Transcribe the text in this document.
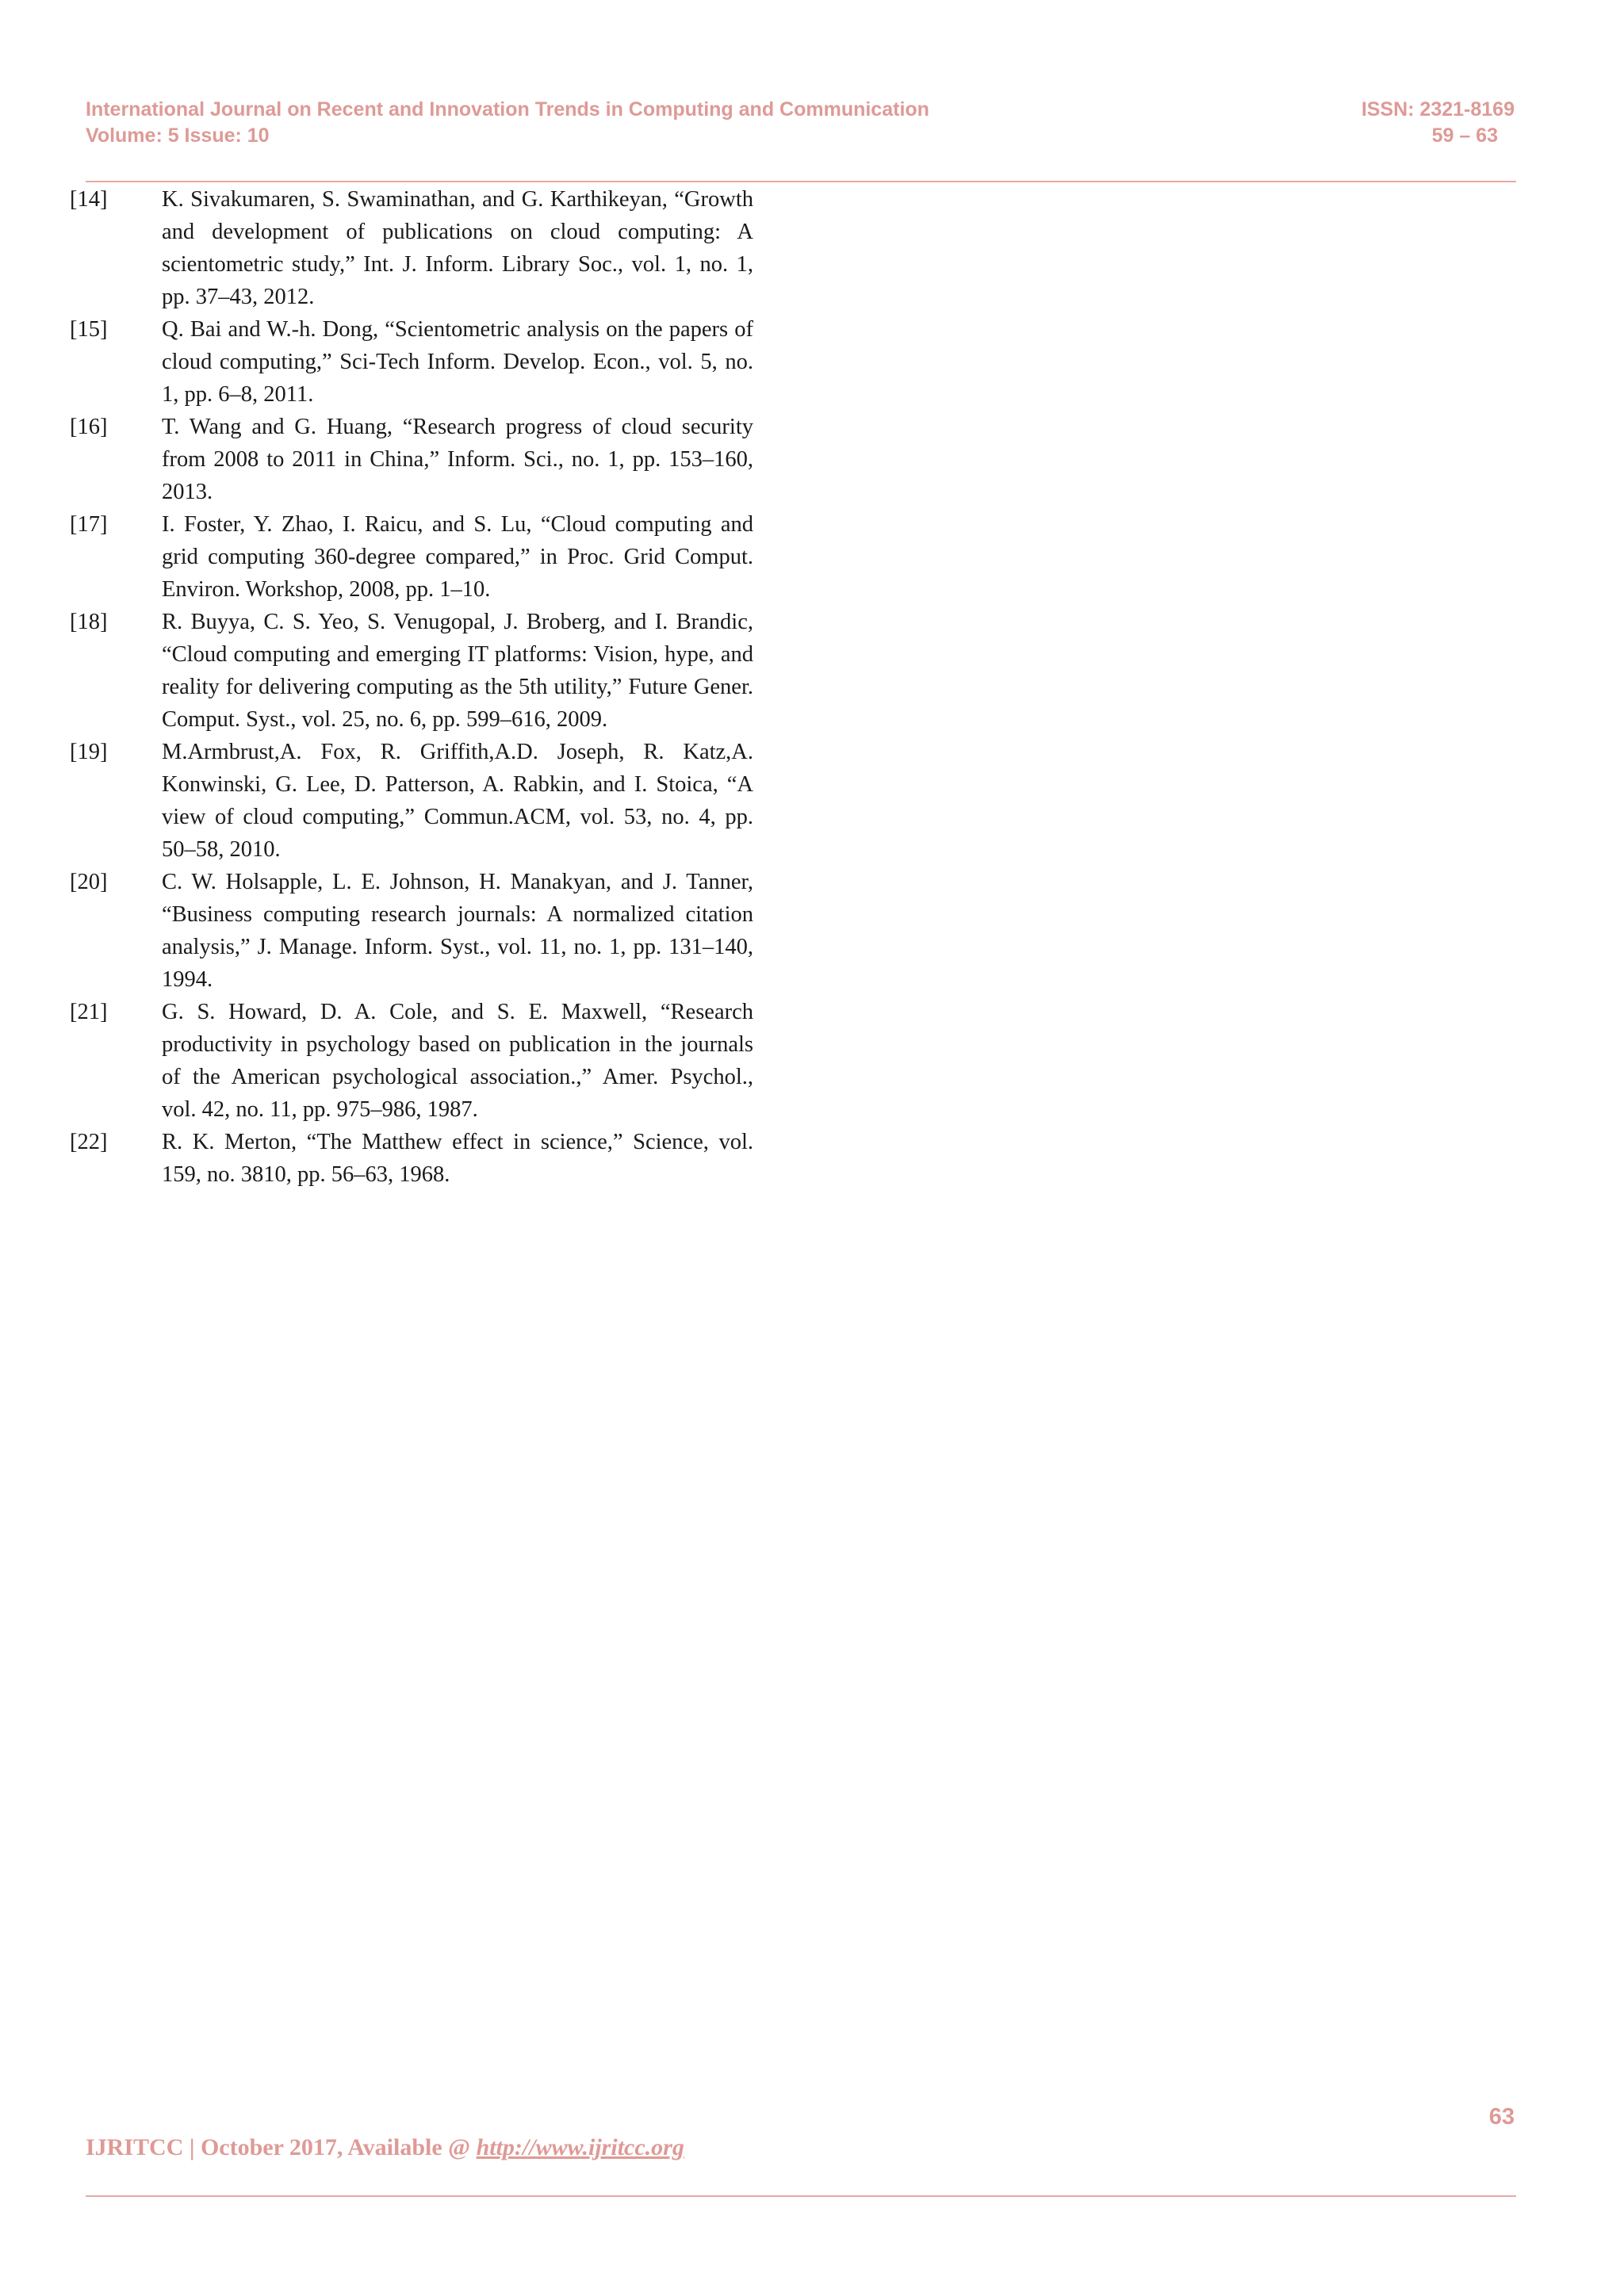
International Journal on Recent and Innovation Trends in Computing and Communication
Volume: 5 Issue: 10
ISSN: 2321-8169
59 – 63
[14]	K. Sivakumaren, S. Swaminathan, and G. Karthikeyan, “Growth and development of publications on cloud computing: A scientometric study,” Int. J. Inform. Library Soc., vol. 1, no. 1, pp. 37–43, 2012.
[15]	Q. Bai and W.-h. Dong, “Scientometric analysis on the papers of cloud computing,” Sci-Tech Inform. Develop. Econ., vol. 5, no. 1, pp. 6–8, 2011.
[16]	T. Wang and G. Huang, “Research progress of cloud security from 2008 to 2011 in China,” Inform. Sci., no. 1, pp. 153–160, 2013.
[17]	I. Foster, Y. Zhao, I. Raicu, and S. Lu, “Cloud computing and grid computing 360-degree compared,” in Proc. Grid Comput. Environ. Workshop, 2008, pp. 1–10.
[18]	R. Buyya, C. S. Yeo, S. Venugopal, J. Broberg, and I. Brandic, “Cloud computing and emerging IT platforms: Vision, hype, and reality for delivering computing as the 5th utility,” Future Gener. Comput. Syst., vol. 25, no. 6, pp. 599–616, 2009.
[19]	M.Armbrust,A. Fox, R. Griffith,A.D. Joseph, R. Katz,A. Konwinski, G. Lee, D. Patterson, A. Rabkin, and I. Stoica, “A view of cloud computing,” Commun.ACM, vol. 53, no. 4, pp. 50–58, 2010.
[20]	C. W. Holsapple, L. E. Johnson, H. Manakyan, and J. Tanner, “Business computing research journals: A normalized citation analysis,” J. Manage. Inform. Syst., vol. 11, no. 1, pp. 131–140, 1994.
[21]	G. S. Howard, D. A. Cole, and S. E. Maxwell, “Research productivity in psychology based on publication in the journals of the American psychological association.,” Amer. Psychol., vol. 42, no. 11, pp. 975–986, 1987.
[22]	R. K. Merton, “The Matthew effect in science,” Science, vol. 159, no. 3810, pp. 56–63, 1968.
63
IJRITCC | October 2017, Available @ http://www.ijritcc.org
